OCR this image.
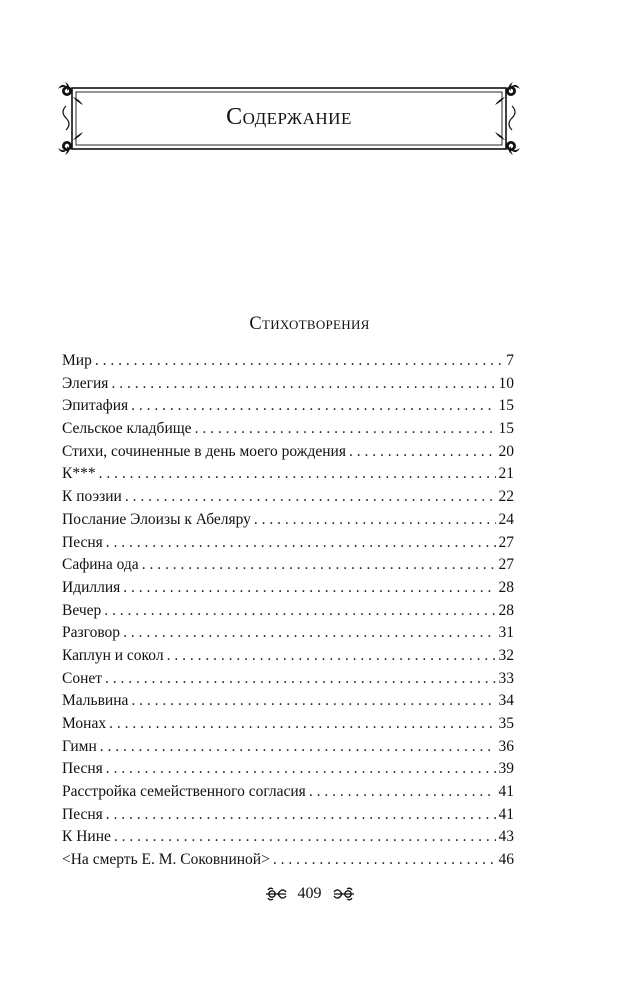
Содержание
Стихотворения
Мир . . .	7
Элегия . . .	10
Эпитафия . . .	15
Сельское кладбище . . .	15
Стихи, сочиненные в день моего рождения . . .	20
К*** . . .	21
К поэзии . . .	22
Послание Элоизы к Абеляру . . .	24
Песня . . .	27
Сафина ода . . .	27
Идиллия . . .	28
Вечер . . .	28
Разговор . . .	31
Каплун и сокол . . .	32
Сонет . . .	33
Мальвина . . .	34
Монах . . .	35
Гимн . . .	36
Песня . . .	39
Расстройка семейственного согласия . . .	41
Песня . . .	41
К Нине . . .	43
<На смерть Е. М. Соковниной> . . .	46
409
